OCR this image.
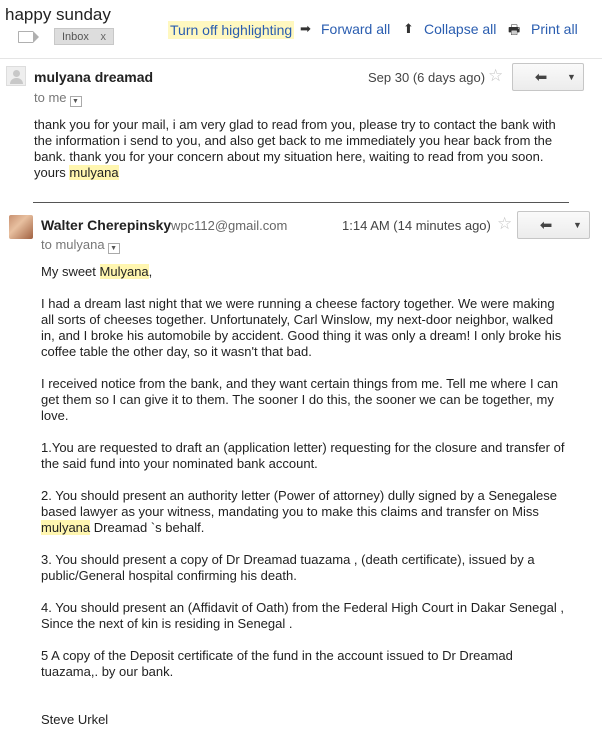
happy sunday
Inbox x	Turn off highlighting ➡ Forward all ⬆ Collapse all 🖶 Print all
mulyana dreamad	Sep 30 (6 days ago) ☆ ⬅ ▼
to me ▼

thank you for your mail, i am very glad to read from you, please try to contact the bank with the information i send to you, and also get back to me immediately you hear back from the bank. thank you for your concern about my situation here, waiting to read from you soon. yours mulyana

Walter Cherepinsky wpc112@gmail.com	1:14 AM (14 minutes ago) ☆ ⬅ ▼
to mulyana ▼

My sweet Mulyana,

I had a dream last night that we were running a cheese factory together. We were making all sorts of cheeses together. Unfortunately, Carl Winslow, my next-door neighbor, walked in, and I broke his automobile by accident. Good thing it was only a dream! I only broke his coffee table the other day, so it wasn't that bad.

I received notice from the bank, and they want certain things from me. Tell me where I can get them so I can give it to them. The sooner I do this, the sooner we can be together, my love.

1.You are requested to draft an (application letter) requesting for the closure and transfer of the said fund into your nominated bank account.

2. You should present an authority letter (Power of attorney) dully signed by a Senegalese based lawyer as your witness, mandating you to make this claims and transfer on Miss mulyana Dreamad `s behalf.

3. You should present a copy of Dr Dreamad tuazama , (death certificate), issued by a public/General hospital confirming his death.

4. You should present an (Affidavit of Oath) from the Federal High Court in Dakar Senegal , Since the next of kin is residing in Senegal .

5 A copy of the Deposit certificate of the fund in the account issued to Dr Dreamad tuazama,. by our bank.

Steve Urkel
